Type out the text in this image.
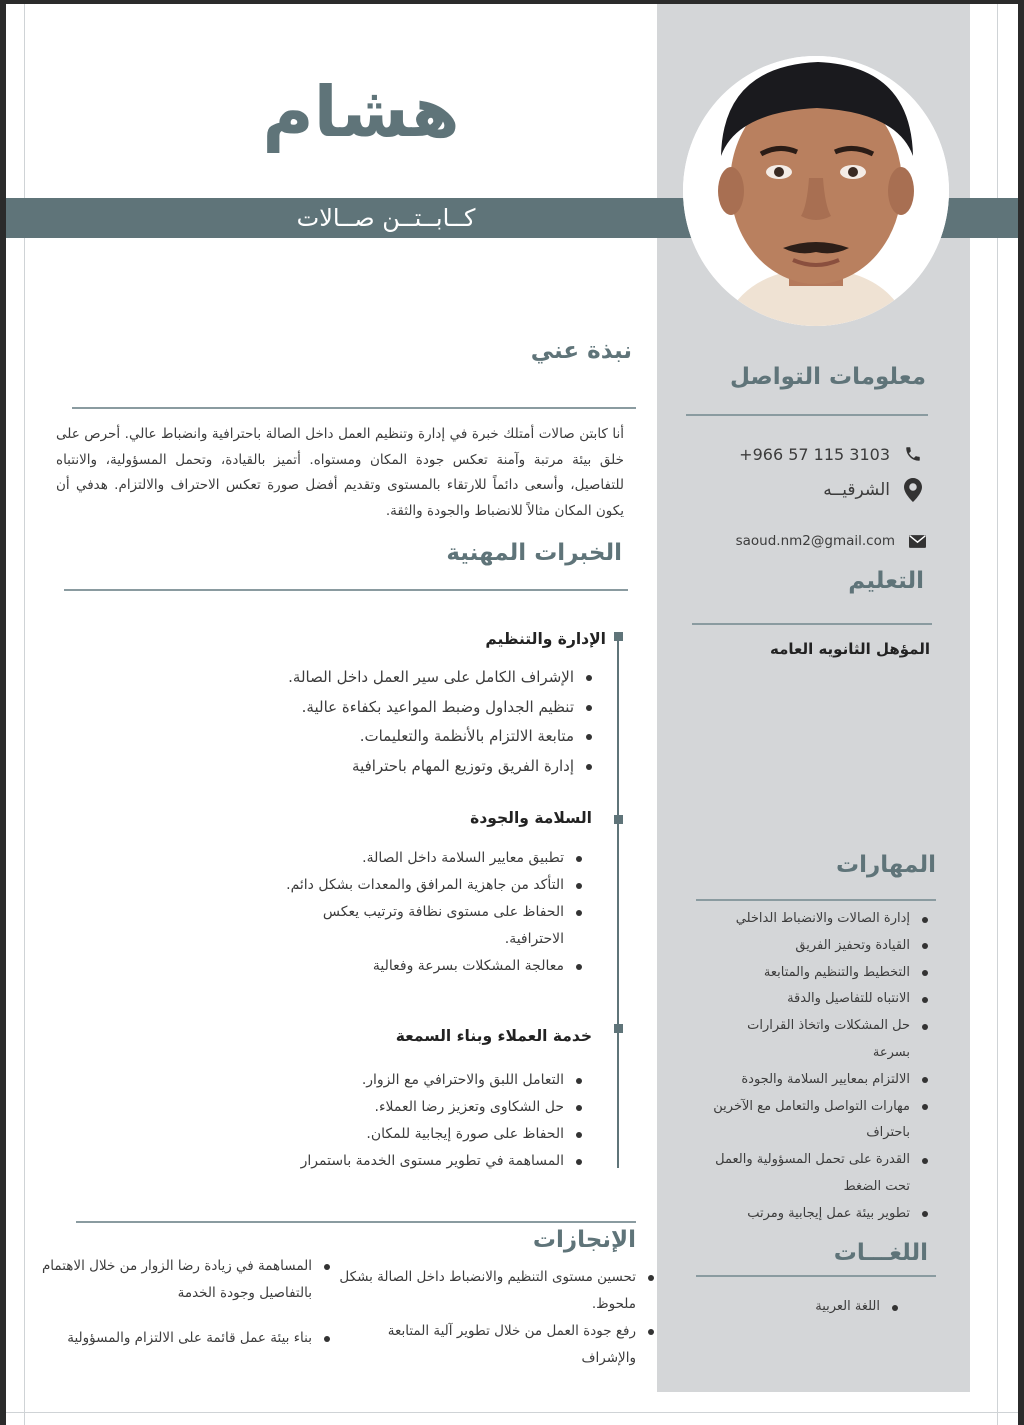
هشام
كــابــتــن صــالات
نبذة عني
أنا كابتن صالات أمتلك خبرة في إدارة وتنظيم العمل داخل الصالة باحترافية وانضباط عالي. أحرص على خلق بيئة مرتبة وآمنة تعكس جودة المكان ومستواه. أتميز بالقيادة، وتحمل المسؤولية، والانتباه للتفاصيل، وأسعى دائماً للارتقاء بالمستوى وتقديم أفضل صورة تعكس الاحتراف والالتزام. هدفي أن يكون المكان مثالاً للانضباط والجودة والثقة.
معلومات التواصل
+966 57 115 3103
الشرقيــه
saoud.nm2@gmail.com
التعليم
المؤهل الثانويه العامه
الخبرات المهنية
الإدارة والتنظيم
الإشراف الكامل على سير العمل داخل الصالة.
تنظيم الجداول وضبط المواعيد بكفاءة عالية.
متابعة الالتزام بالأنظمة والتعليمات.
إدارة الفريق وتوزيع المهام باحترافية
السلامة والجودة
تطبيق معايير السلامة داخل الصالة.
التأكد من جاهزية المرافق والمعدات بشكل دائم.
الحفاظ على مستوى نظافة وترتيب يعكس الاحترافية.
معالجة المشكلات بسرعة وفعالية
خدمة العملاء وبناء السمعة
التعامل اللبق والاحترافي مع الزوار.
حل الشكاوى وتعزيز رضا العملاء.
الحفاظ على صورة إيجابية للمكان.
المساهمة في تطوير مستوى الخدمة باستمرار
المهارات
إدارة الصالات والانضباط الداخلي
القيادة وتحفيز الفريق
التخطيط والتنظيم والمتابعة
الانتباه للتفاصيل والدقة
حل المشكلات واتخاذ القرارات بسرعة
الالتزام بمعايير السلامة والجودة
مهارات التواصل والتعامل مع الآخرين باحتراف
القدرة على تحمل المسؤولية والعمل تحت الضغط
تطوير بيئة عمل إيجابية ومرتب
اللغـــات
اللغة العربية
الإنجازات
تحسين مستوى التنظيم والانضباط داخل الصالة بشكل ملحوظ.
رفع جودة العمل من خلال تطوير آلية المتابعة والإشراف
المساهمة في زيادة رضا الزوار من خلال الاهتمام بالتفاصيل وجودة الخدمة
بناء بيئة عمل قائمة على الالتزام والمسؤولية
